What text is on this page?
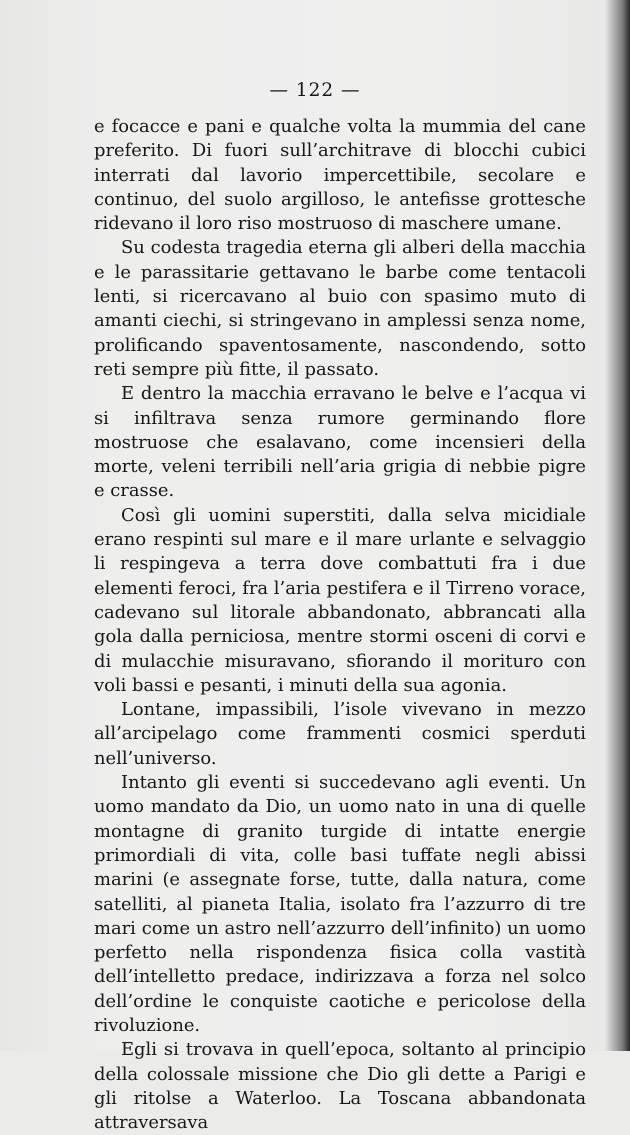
— 122 —

e focacce e pani e qualche volta la mummia del cane preferito. Di fuori sull’architrave di blocchi cubici interrati dal lavorio impercettibile, secolare e continuo, del suolo argilloso, le antefisse grottesche ridevano il loro riso mostruoso di maschere umane.

Su codesta tragedia eterna gli alberi della macchia e le parassitarie gettavano le barbe come tentacoli lenti, si ricercavano al buio con spasimo muto di amanti ciechi, si stringevano in amplessi senza nome, prolificando spaventosamente, nascondendo, sotto reti sempre più fitte, il passato.

E dentro la macchia erravano le belve e l’acqua vi si infiltrava senza rumore germinando flore mostruose che esalavano, come incensieri della morte, veleni terribili nell’aria grigia di nebbie pigre e crasse.

Così gli uomini superstiti, dalla selva micidiale erano respinti sul mare e il mare urlante e selvaggio li respingeva a terra dove combattuti fra i due elementi feroci, fra l’aria pestifera e il Tirreno vorace, cadevano sul litorale abbandonato, abbrancati alla gola dalla perniciosa, mentre stormi osceni di corvi e di mulacchie misuravano, sfiorando il morituro con voli bassi e pesanti, i minuti della sua agonia.

Lontane, impassibili, l’isole vivevano in mezzo all’arcipelago come frammenti cosmici sperduti nell’universo.

Intanto gli eventi si succedevano agli eventi. Un uomo mandato da Dio, un uomo nato in una di quelle montagne di granito turgide di intatte energie primordiali di vita, colle basi tuffate negli abissi marini (e assegnate forse, tutte, dalla natura, come satelliti, al pianeta Italia, isolato fra l’azzurro di tre mari come un astro nell’azzurro dell’infinito) un uomo perfetto nella rispondenza fisica colla vastità dell’intelletto predace, indirizzava a forza nel solco dell’ordine le conquiste caotiche e pericolose della rivoluzione.

Egli si trovava in quell’epoca, soltanto al principio della colossale missione che Dio gli dette a Parigi e gli ritolse a Waterloo. La Toscana abbandonata attraversava
